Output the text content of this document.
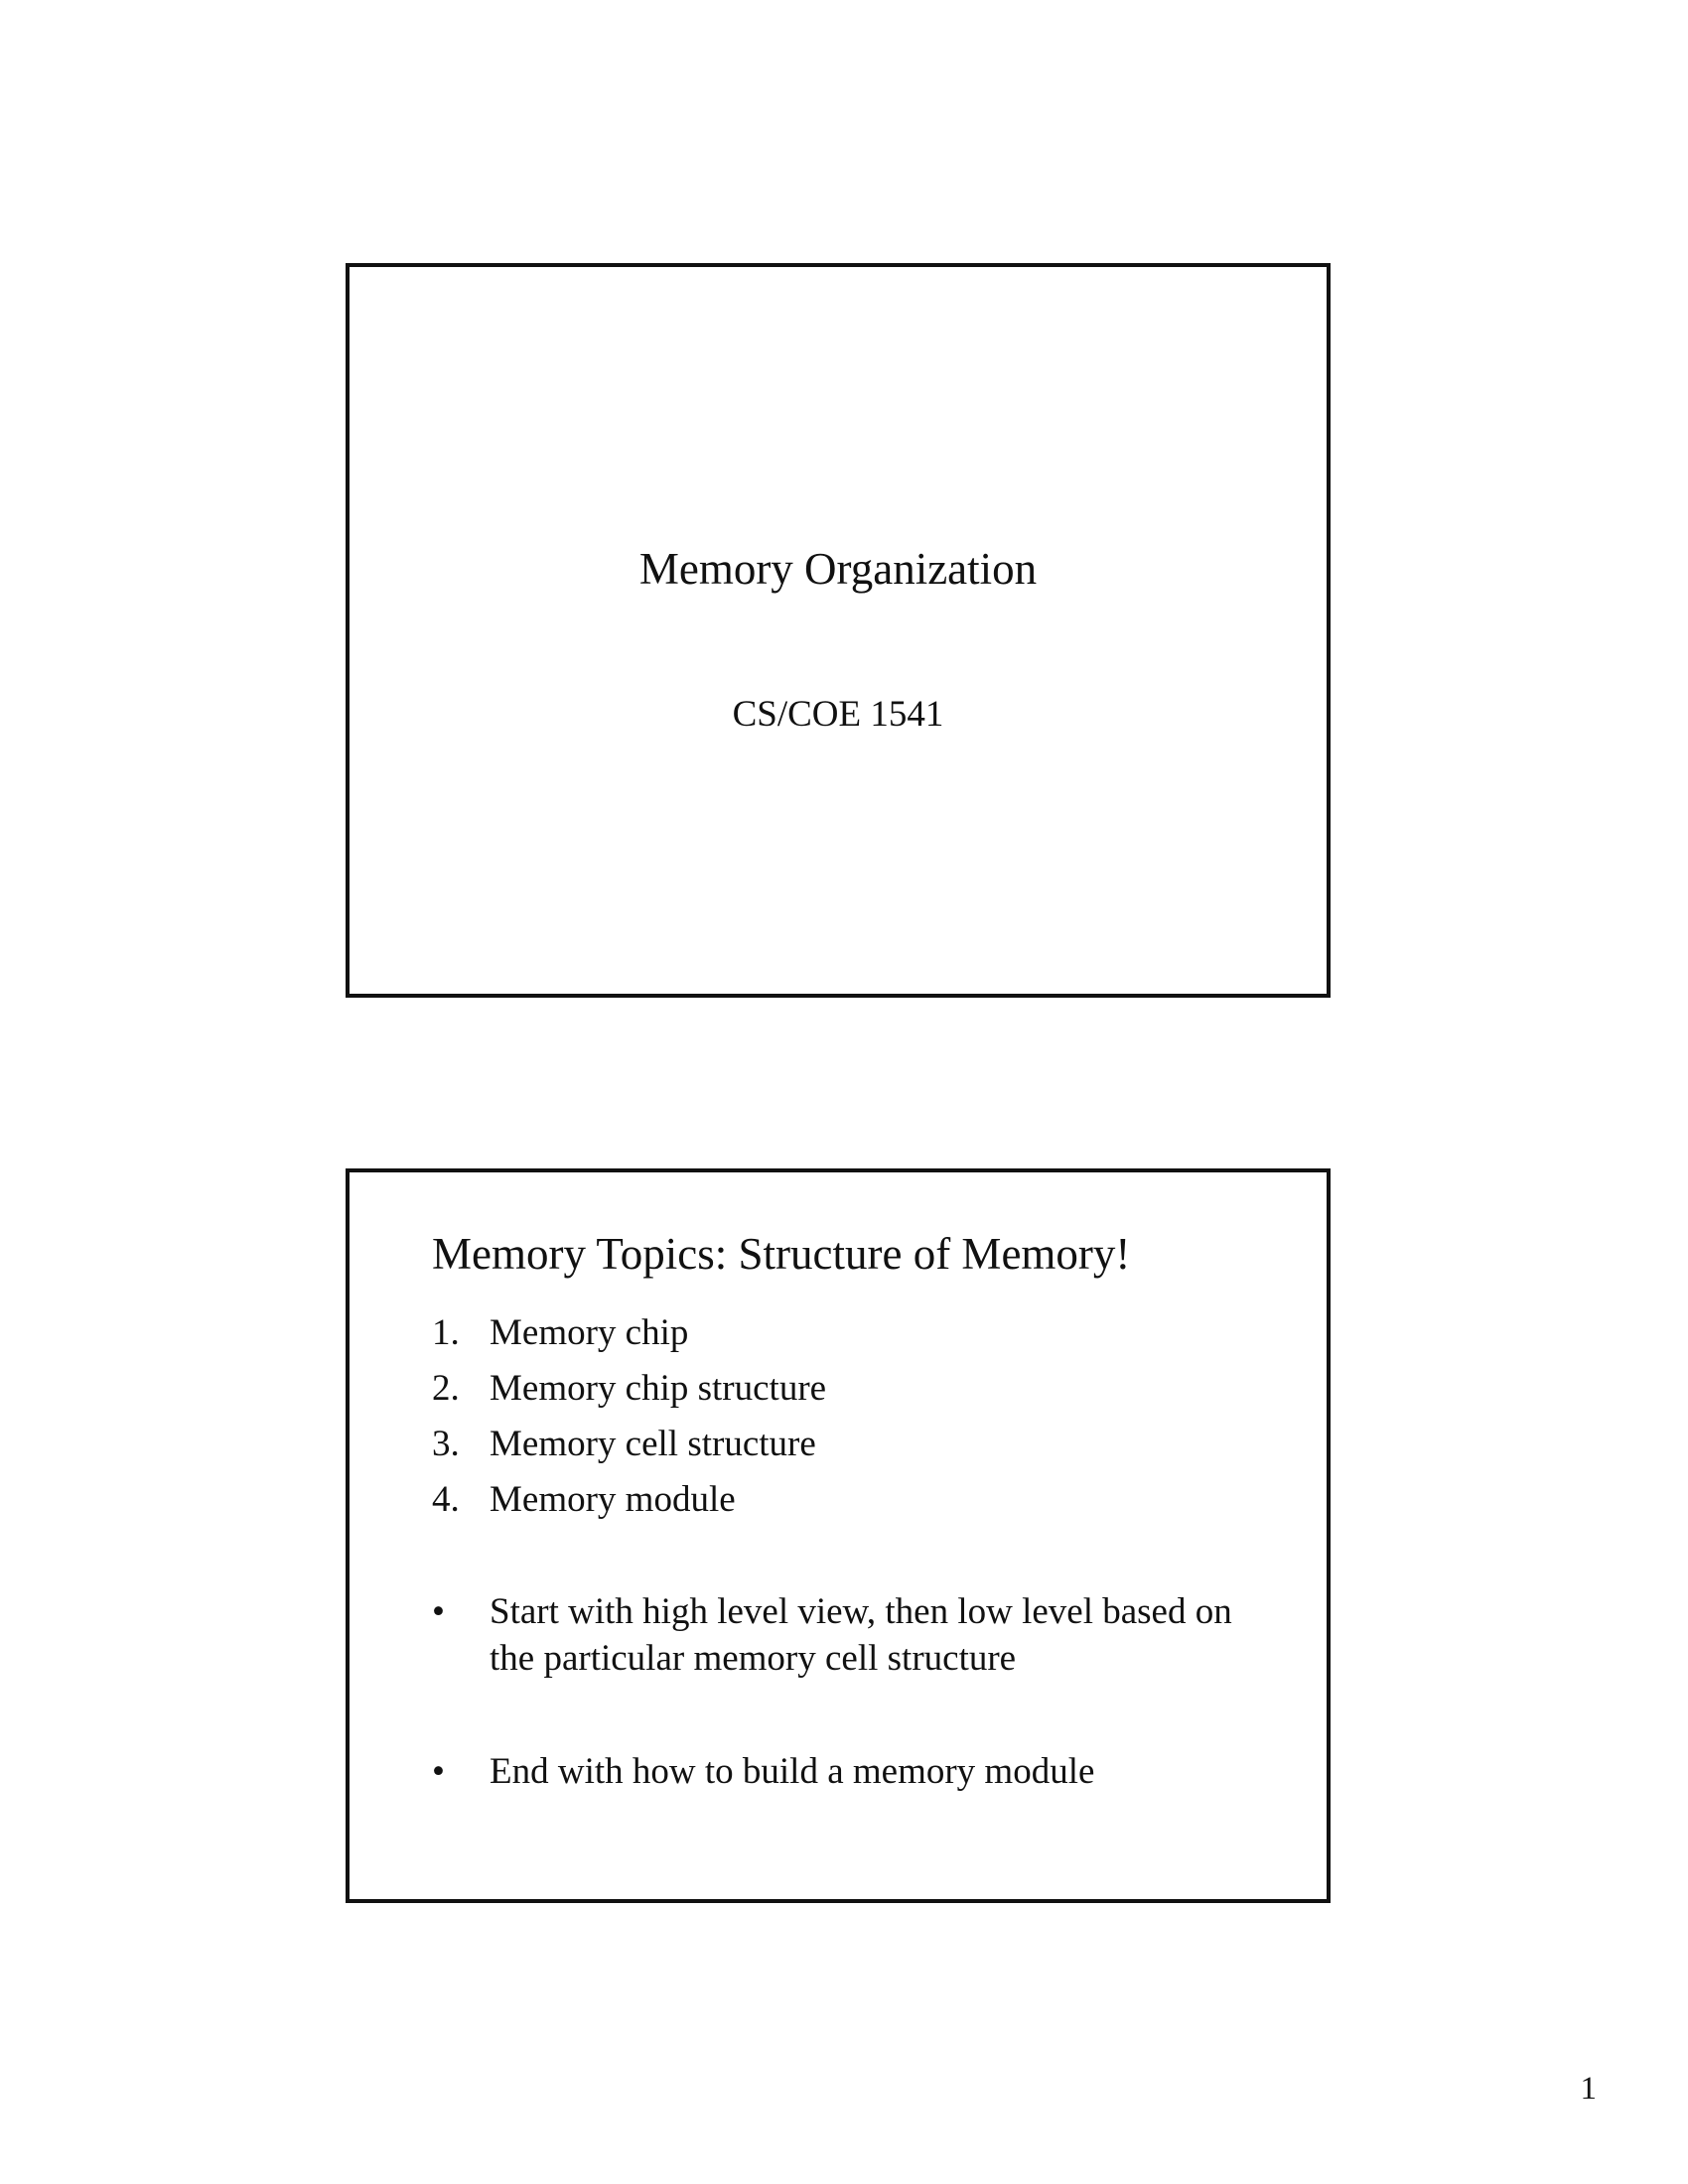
Memory Organization
CS/COE 1541
Memory Topics: Structure of Memory!
1. Memory chip
2. Memory chip structure
3. Memory cell structure
4. Memory module
•	Start with high level view, then low level based on the particular memory cell structure
•	End with how to build a memory module
1
